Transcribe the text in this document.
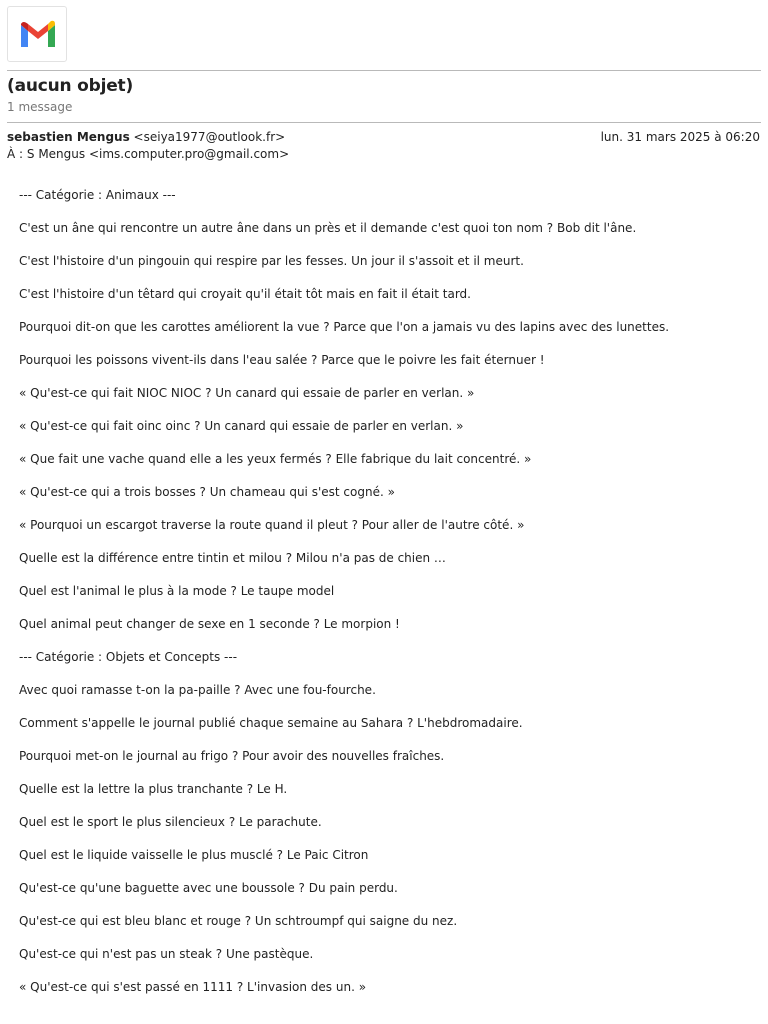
(aucun objet)
1 message
sebastien Mengus <seiya1977@outlook.fr>	lun. 31 mars 2025 à 06:20
À : S Mengus <ims.computer.pro@gmail.com>
--- Catégorie : Animaux ---
C'est un âne qui rencontre un autre âne dans un près et il demande c'est quoi ton nom ? Bob dit l'âne.
C'est l'histoire d'un pingouin qui respire par les fesses. Un jour il s'assoit et il meurt.
C'est l'histoire d'un têtard qui croyait qu'il était tôt mais en fait il était tard.
Pourquoi dit-on que les carottes améliorent la vue ? Parce que l'on a jamais vu des lapins avec des lunettes.
Pourquoi les poissons vivent-ils dans l'eau salée ? Parce que le poivre les fait éternuer !
« Qu'est-ce qui fait NIOC NIOC ? Un canard qui essaie de parler en verlan. »
« Qu'est-ce qui fait oinc oinc ? Un canard qui essaie de parler en verlan. »
« Que fait une vache quand elle a les yeux fermés ? Elle fabrique du lait concentré. »
« Qu'est-ce qui a trois bosses ? Un chameau qui s'est cogné. »
« Pourquoi un escargot traverse la route quand il pleut ? Pour aller de l'autre côté. »
Quelle est la différence entre tintin et milou ? Milou n'a pas de chien …
Quel est l'animal le plus à la mode ? Le taupe model
Quel animal peut changer de sexe en 1 seconde ? Le morpion !
--- Catégorie : Objets et Concepts ---
Avec quoi ramasse t-on la pa-paille ? Avec une fou-fourche.
Comment s'appelle le journal publié chaque semaine au Sahara ? L'hebdromadaire.
Pourquoi met-on le journal au frigo ? Pour avoir des nouvelles fraîches.
Quelle est la lettre la plus tranchante ? Le H.
Quel est le sport le plus silencieux ? Le parachute.
Quel est le liquide vaisselle le plus musclé ? Le Paic Citron
Qu'est-ce qu'une baguette avec une boussole ? Du pain perdu.
Qu'est-ce qui est bleu blanc et rouge ? Un schtroumpf qui saigne du nez.
Qu'est-ce qui n'est pas un steak ? Une pastèque.
« Qu'est-ce qui s'est passé en 1111 ? L'invasion des un. »
